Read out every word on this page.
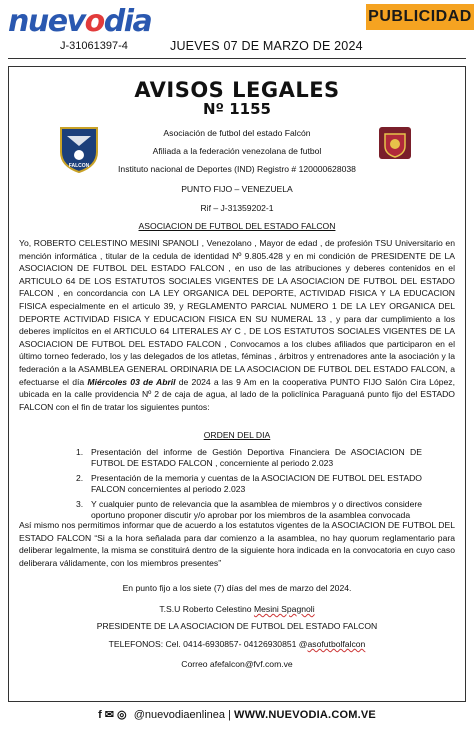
nuevodia
J-31061397-4	JUEVES 07 DE MARZO DE 2024
PUBLICIDAD
AVISOS LEGALES
Nº 1155
FALCON
Asociación de futbol del estado Falcón
Afiliada a la federación venezolana de futbol
Instituto nacional de Deportes (IND) Registro # 120000628038
PUNTO FIJO – VENEZUELA
Rif – J-31359202-1
ASOCIACION DE FUTBOL DEL ESTADO FALCON
Yo, ROBERTO CELESTINO MESINI SPANOLI , Venezolano , Mayor de edad , de profesión TSU Universitario en mención informática , titular de la cedula de identidad Nº 9.805.428 y en mi condición de PRESIDENTE DE LA ASOCIACION DE FUTBOL DEL ESTADO FALCON , en uso de las atribuciones y deberes contenidos en el ARTICULO 64 DE LOS ESTATUTOS SOCIALES VIGENTES DE LA ASOCIACION DE FUTBOL DEL ESTADO FALCON , en concordancia con LA LEY ORGANICA DEL DEPORTE, ACTIVIDAD FISICA Y LA EDUCACION FISICA especialmente en el articulo 39, y REGLAMENTO PARCIAL NUMERO 1 DE LA LEY ORGANICA DEL DEPORTE ACTIVIDAD FISICA Y EDUCACION FISICA EN SU NUMERAL 13 , y para dar cumplimiento a los deberes implícitos en el ARTICULO 64 LITERALES AY C , DE LOS ESTATUTOS SOCIALES VIGENTES DE LA ASOCIACION DE FUTBOL DEL ESTADO FALCON , Convocamos a los clubes afiliados que participaron en el último torneo federado, los y las delegados de los atletas, féminas , árbitros y entrenadores ante la asociación y la federación a la ASAMBLEA GENERAL ORDINARIA DE LA ASOCIACION DE FUTBOL DEL ESTADO FALCON, a efectuarse el día Miércoles 03 de Abril de 2024 a las 9 Am en la cooperativa PUNTO FIJO Salón Cira López, ubicada en la calle providencia Nº 2 de caja de agua, al lado de la policlínica Paraguaná punto fijo del ESTADO FALCON con el fin de tratar los siguientes puntos:
ORDEN DEL DIA
1. Presentación del informe de Gestión Deportiva Financiera De ASOCIACION DE FUTBOL DE ESTADO FALCON , concerniente al periodo 2.023
2. Presentación de la memoria y cuentas de la ASOCIACION DE FUTBOL DEL ESTADO FALCON concernientes al periodo 2.023
3. Y cualquier punto de relevancia que la asamblea de miembros y o directivos considere oportuno proponer discutir y/o aprobar por los miembros de la asamblea convocada
Así mismo nos permitimos informar que de acuerdo a los estatutos vigentes de la ASOCIACION DE FUTBOL DEL ESTADO FALCON “Si a la hora señalada para dar comienzo a la asamblea, no hay quorum reglamentario para deliberar legalmente, la misma se constituirá dentro de la siguiente hora indicada en la convocatoria en cuyo caso deliberara válidamente, con los miembros presentes”
En punto fijo a los siete (7) días del mes de marzo del 2024.
T.S.U Roberto Celestino Mesini Spagnoli
PRESIDENTE DE LA ASOCIACION DE FUTBOL DEL ESTADO FALCON
TELEFONOS: Cel. 0414-6930857- 04126930851 @asofutbolfalcon
Correo afefalcon@fvf.com.ve
f ✉ ◎ @nuevodiaenlinea | WWW.NUEVODIA.COM.VE
